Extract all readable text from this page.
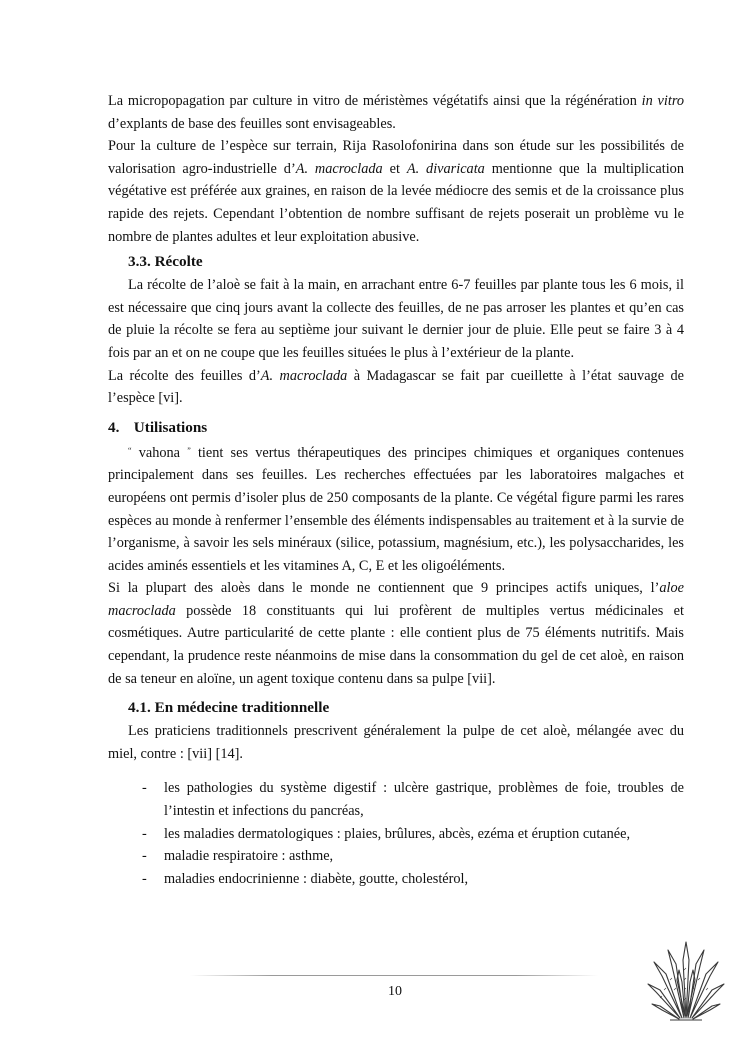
La micropopagation par culture in vitro de méristèmes végétatifs ainsi que la régénération in vitro d’explants de base des feuilles sont envisageables.

Pour la culture de l’espèce sur terrain, Rija Rasolofonirina dans son étude sur les possibilités de valorisation agro-industrielle d’A. macroclada et A. divaricata mentionne que la multiplication végétative est préférée aux graines, en raison de la levée médiocre des semis et de la croissance plus rapide des rejets. Cependant l’obtention de nombre suffisant de rejets poserait un problème vu le nombre de plantes adultes et leur exploitation abusive.

3.3. Récolte

La récolte de l’aloè se fait à la main, en arrachant entre 6-7 feuilles par plante tous les 6 mois, il est nécessaire que cinq jours avant la collecte des feuilles, de ne pas arroser les plantes et qu’en cas de pluie la récolte se fera au septième jour suivant le dernier jour de pluie. Elle peut se faire 3 à 4 fois par an et on ne coupe que les feuilles situées le plus à l’extérieur de la plante.

La récolte des feuilles d’A. macroclada à Madagascar se fait par cueillette à l’état sauvage de l’espèce [vi].

4. Utilisations

“ vahona ” tient ses vertus thérapeutiques des principes chimiques et organiques contenues principalement dans ses feuilles. Les recherches effectuées par les laboratoires malgaches et européens ont permis d’isoler plus de 250 composants de la plante. Ce végétal figure parmi les rares espèces au monde à renfermer l’ensemble des éléments indispensables au traitement et à la survie de l’organisme, à savoir les sels minéraux (silice, potassium, magnésium, etc.), les polysaccharides, les acides aminés essentiels et les vitamines A, C, E et les oligoéléments.

Si la plupart des aloès dans le monde ne contiennent que 9 principes actifs uniques, l’aloe macroclada possède 18 constituants qui lui profèrent de multiples vertus médicinales et cosmétiques. Autre particularité de cette plante : elle contient plus de 75 éléments nutritifs. Mais cependant, la prudence reste néanmoins de mise dans la consommation du gel de cet aloè, en raison de sa teneur en aloïne, un agent toxique contenu dans sa pulpe [vii].

4.1. En médecine traditionnelle

Les praticiens traditionnels prescrivent généralement la pulpe de cet aloè, mélangée avec du miel, contre : [vii] [14].

- les pathologies du système digestif : ulcère gastrique, problèmes de foie, troubles de l’intestin et infections du pancréas,
- les maladies dermatologiques : plaies, brûlures, abcès, ezéma et éruption cutanée,
- maladie respiratoire : asthme,
- maladies endocrinienne : diabète, goutte, cholestérol,
10
